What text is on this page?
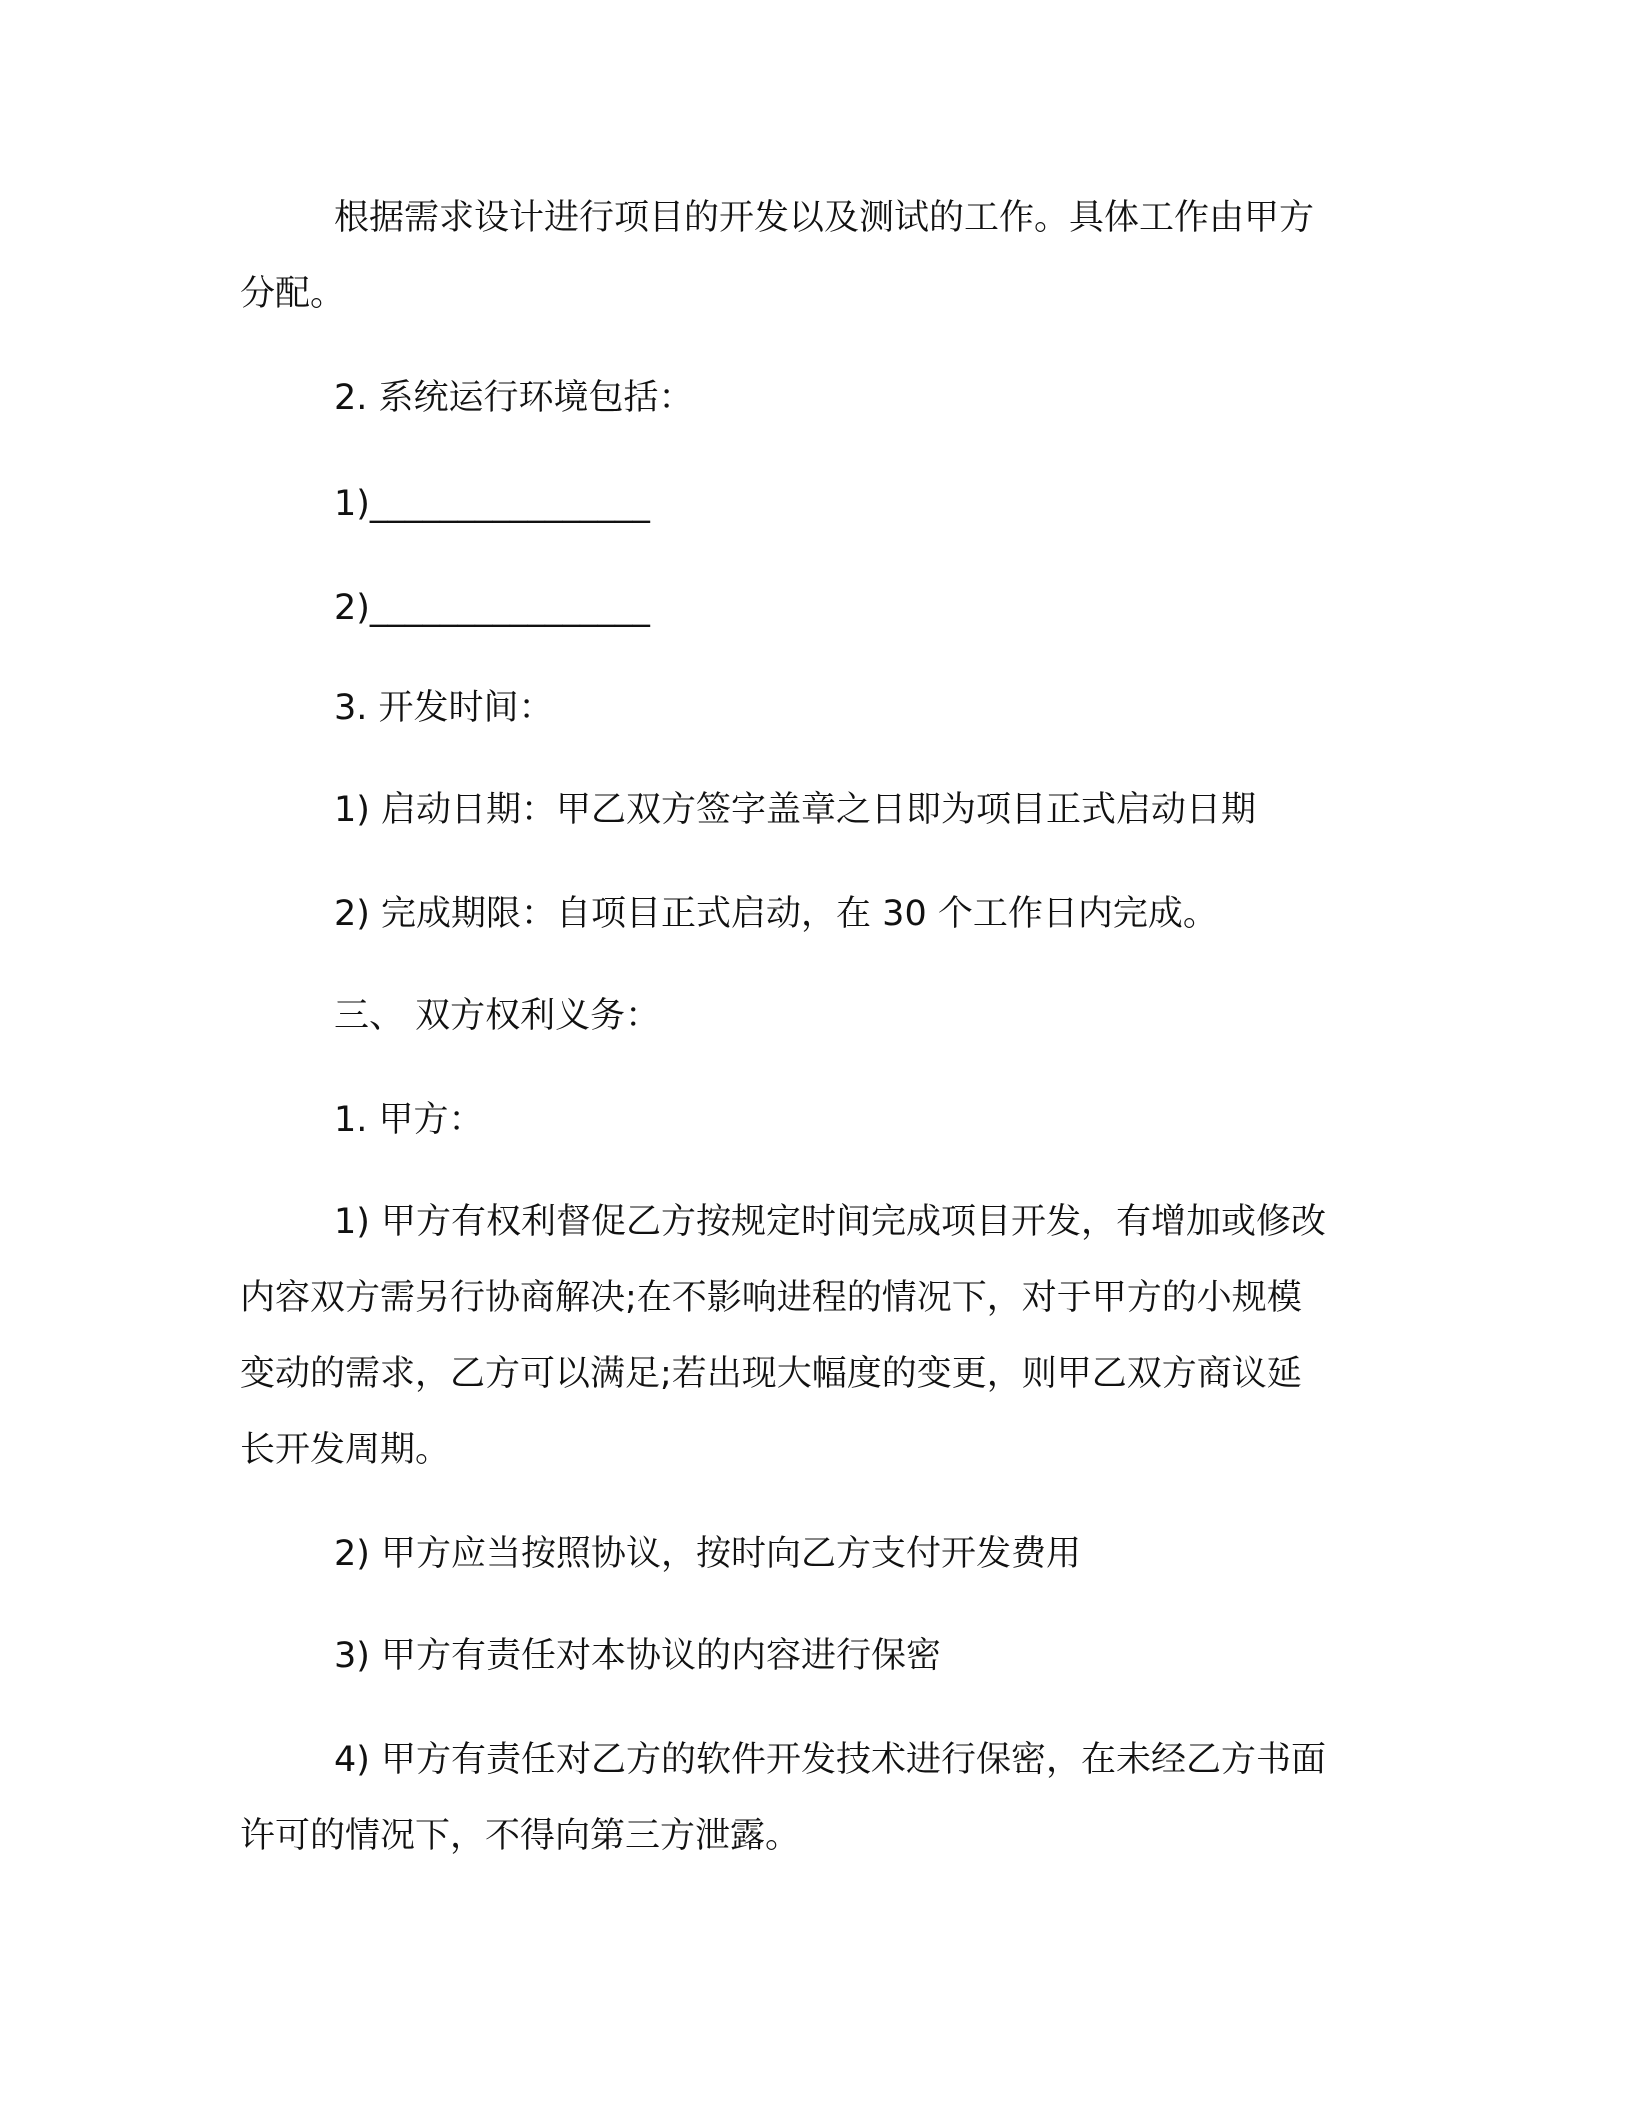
根据需求设计进行项目的开发以及测试的工作。具体工作由甲方
分配。
2. 系统运行环境包括：
1)________________
2)________________
3. 开发时间：
1) 启动日期：甲乙双方签字盖章之日即为项目正式启动日期
2) 完成期限：自项目正式启动，在 30 个工作日内完成。
三、 双方权利义务：
1. 甲方：
1) 甲方有权利督促乙方按规定时间完成项目开发，有增加或修改
内容双方需另行协商解决;在不影响进程的情况下，对于甲方的小规模
变动的需求，乙方可以满足;若出现大幅度的变更，则甲乙双方商议延
长开发周期。
2) 甲方应当按照协议，按时向乙方支付开发费用
3) 甲方有责任对本协议的内容进行保密
4) 甲方有责任对乙方的软件开发技术进行保密，在未经乙方书面
许可的情况下，不得向第三方泄露。
